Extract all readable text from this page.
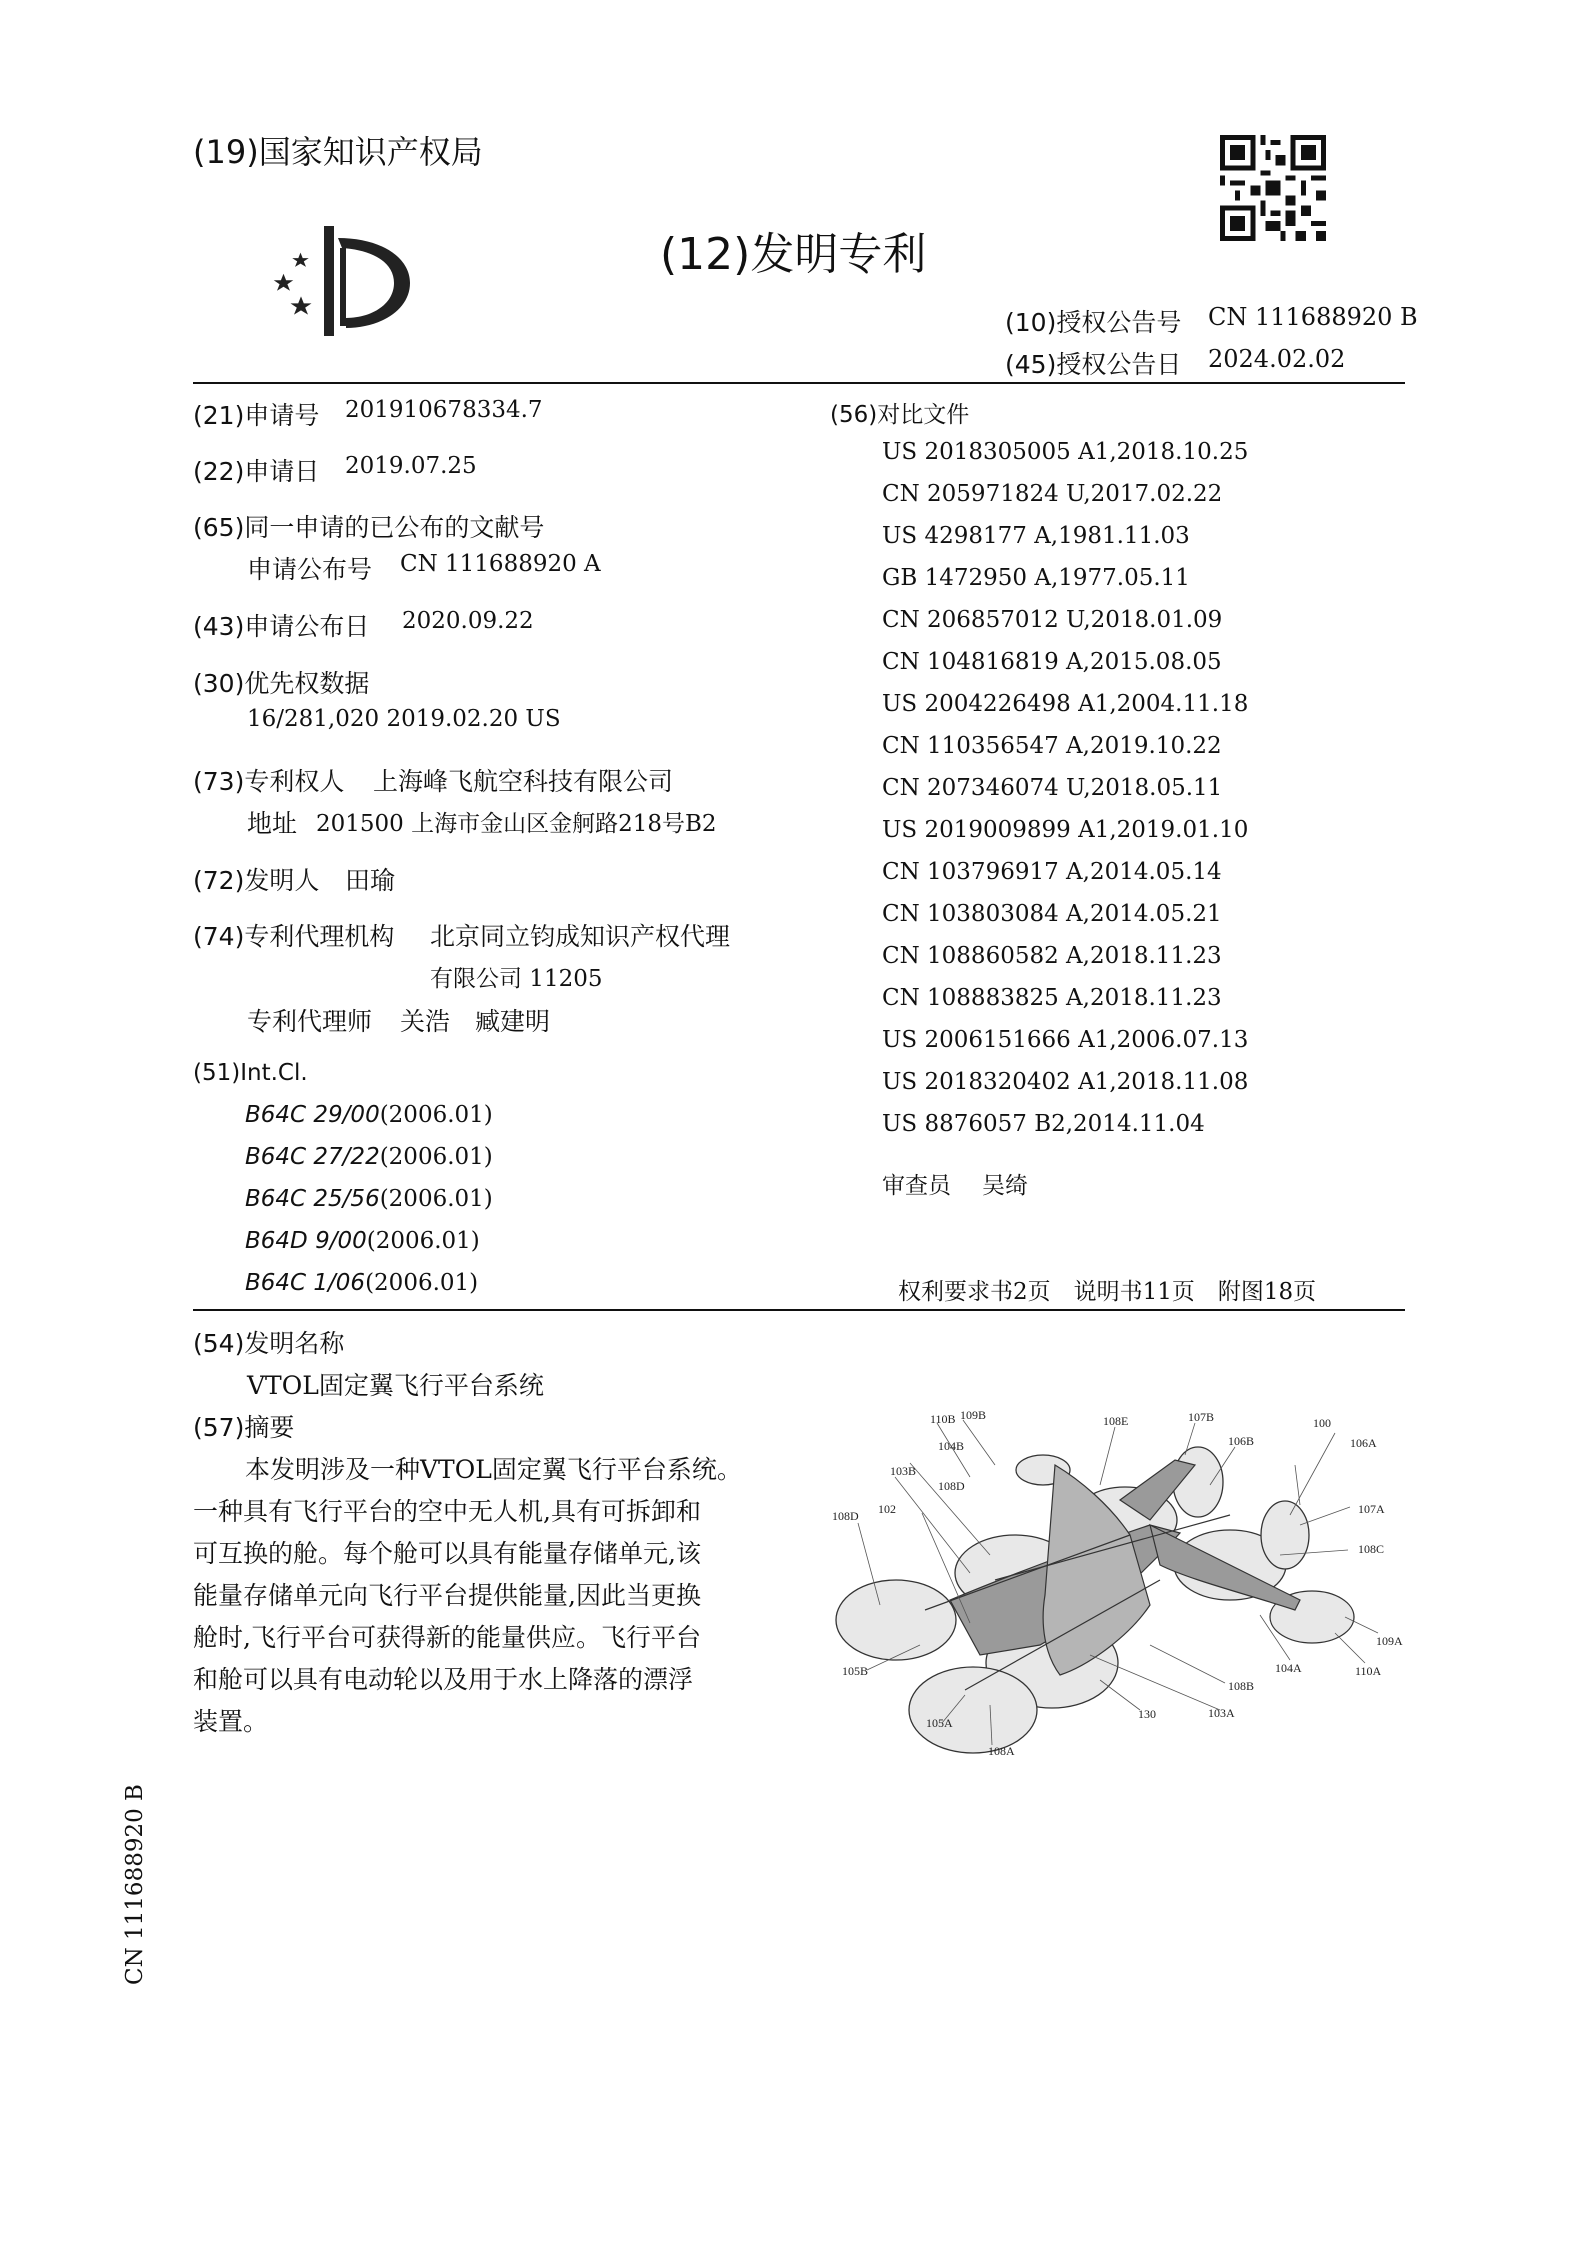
(19)国家知识产权局
(12)发明专利
(10)授权公告号 CN 111688920 B
(45)授权公告日 2024.02.02
(21)申请号 201910678334.7
(22)申请日 2019.07.25
(65)同一申请的已公布的文献号
申请公布号 CN 111688920 A
(43)申请公布日 2020.09.22
(30)优先权数据
16/281,020 2019.02.20 US
(73)专利权人 上海峰飞航空科技有限公司
地址 201500 上海市金山区金舸路218号B2
(72)发明人 田瑜
(74)专利代理机构 北京同立钧成知识产权代理
有限公司 11205
专利代理师 关浩　臧建明
(51)Int.Cl.
B64C 29/00(2006.01)
B64C 27/22(2006.01)
B64C 25/56(2006.01)
B64D 9/00(2006.01)
B64C 1/06(2006.01)
(56)对比文件
US 2018305005 A1,2018.10.25
CN 205971824 U,2017.02.22
US 4298177 A,1981.11.03
GB 1472950 A,1977.05.11
CN 206857012 U,2018.01.09
CN 104816819 A,2015.08.05
US 2004226498 A1,2004.11.18
CN 110356547 A,2019.10.22
CN 207346074 U,2018.05.11
US 2019009899 A1,2019.01.10
CN 103796917 A,2014.05.14
CN 103803084 A,2014.05.21
CN 108860582 A,2018.11.23
CN 108883825 A,2018.11.23
US 2006151666 A1,2006.07.13
US 2018320402 A1,2018.11.08
US 8876057 B2,2014.11.04
审查员 吴绮
权利要求书2页　说明书11页　附图18页
(54)发明名称
VTOL固定翼飞行平台系统
(57)摘要
本发明涉及一种VTOL固定翼飞行平台系统。
一种具有飞行平台的空中无人机,具有可拆卸和
可互换的舱。每个舱可以具有能量存储单元,该
能量存储单元向飞行平台提供能量,因此当更换
舱时,飞行平台可获得新的能量供应。飞行平台
和舱可以具有电动轮以及用于水上降落的漂浮
装置。
110B 109B	108E	107B	100
104B	106B	106A
103B
108D	107A
108D
102
108C
109A
105B	104A	110A
108B
103A
130
105A
108A
CN 111688920 B
